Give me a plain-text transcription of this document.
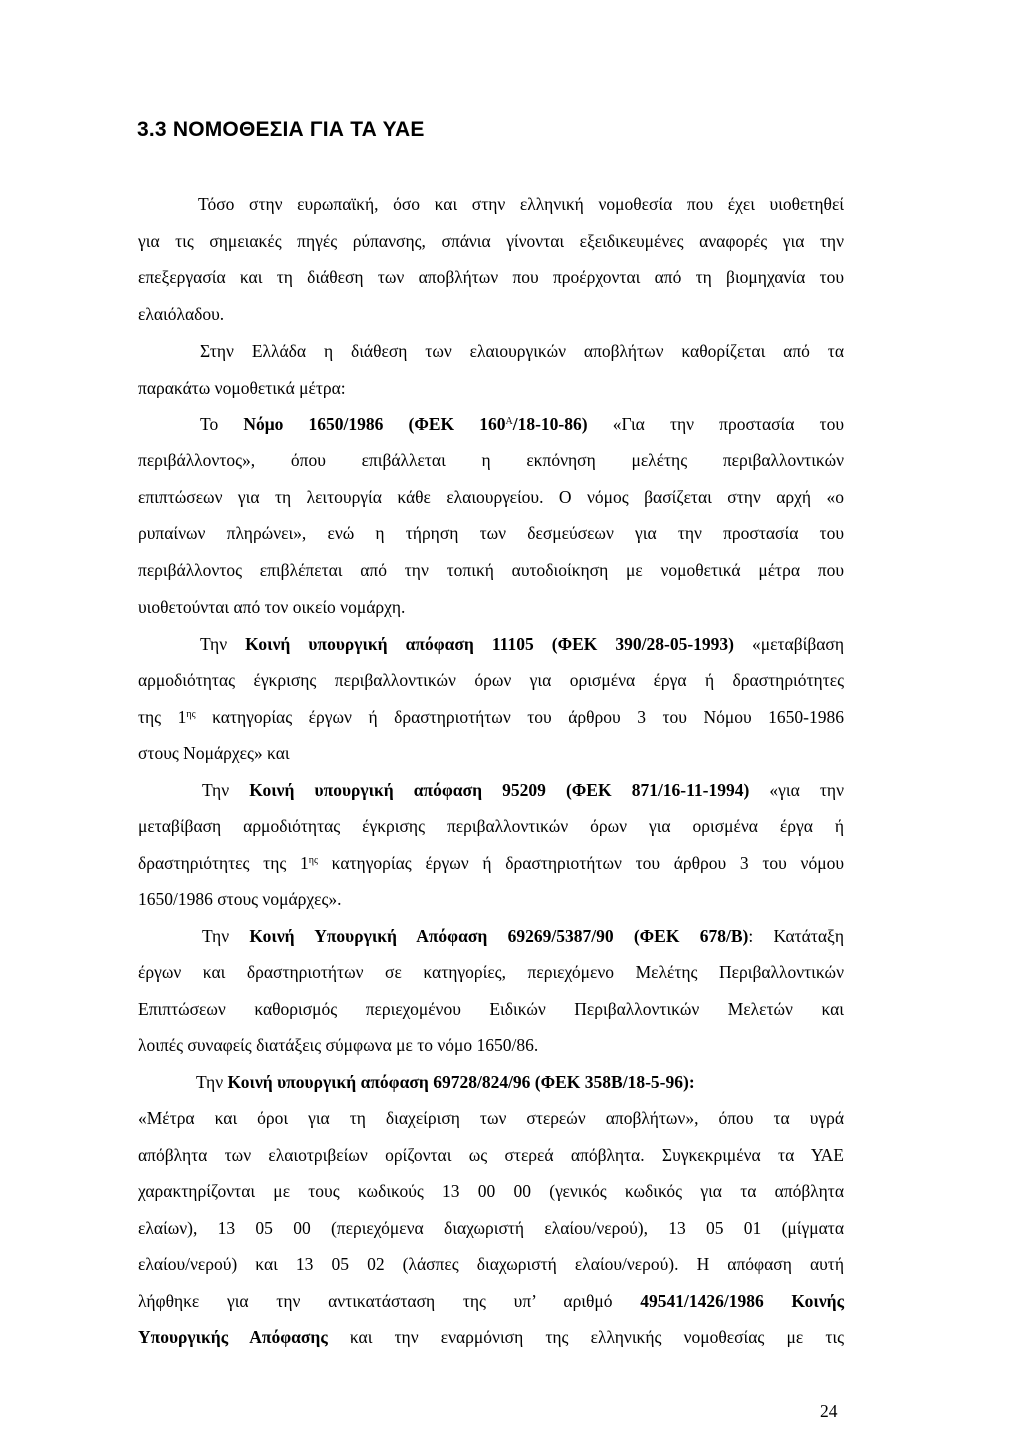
3.3 ΝΟΜΟΘΕΣΙΑ ΓΙΑ ΤΑ ΥΑΕ
Τόσο στην ευρωπαϊκή, όσο και στην ελληνική νομοθεσία που έχει υιοθετηθεί
για τις σημειακές πηγές ρύπανσης, σπάνια γίνονται εξειδικευμένες αναφορές για την
επεξεργασία και τη διάθεση των αποβλήτων που προέρχονται από τη βιομηχανία του
ελαιόλαδου.
Στην Ελλάδα η διάθεση των ελαιουργικών αποβλήτων καθορίζεται από τα
παρακάτω νομοθετικά μέτρα:
Το Νόμο 1650/1986 (ΦΕΚ $160^A/18-10-86$) «Για την προστασία του
περιβάλλοντος», όπου επιβάλλεται η εκπόνηση μελέτης περιβαλλοντικών
επιπτώσεων για τη λειτουργία κάθε ελαιουργείου. Ο νόμος βασίζεται στην αρχή «ο
ρυπαίνων πληρώνει», ενώ η τήρηση των δεσμεύσεων για την προστασία του
περιβάλλοντος επιβλέπεται από την τοπική αυτοδιοίκηση με νομοθετικά μέτρα που
υιοθετούνται από τον οικείο νομάρχη.
Την Κοινή υπουργική απόφαση 11105 (ΦΕΚ 390/28-05-1993) «μεταβίβαση
αρμοδιότητας έγκρισης περιβαλλοντικών όρων για ορισμένα έργα ή δραστηριότητες
της $1^{\eta\varsigma}$ κατηγορίας έργων ή δραστηριοτήτων του άρθρου 3 του Νόμου 1650-1986
στους Νομάρχες» και
Την Κοινή υπουργική απόφαση 95209 (ΦΕΚ 871/16-11-1994) «για την
μεταβίβαση αρμοδιότητας έγκρισης περιβαλλοντικών όρων για ορισμένα έργα ή
δραστηριότητες της $1^{\eta\varsigma}$ κατηγορίας έργων ή δραστηριοτήτων του άρθρου 3 του νόμου
1650/1986 στους νομάρχες».
Την Κοινή Υπουργική Απόφαση 69269/5387/90 (ΦΕΚ 678/Β): Κατάταξη
έργων και δραστηριοτήτων σε κατηγορίες, περιεχόμενο Μελέτης Περιβαλλοντικών
Επιπτώσεων καθορισμός περιεχομένου Ειδικών Περιβαλλοντικών Μελετών και
λοιπές συναφείς διατάξεις σύμφωνα με το νόμο 1650/86.
Την Κοινή υπουργική απόφαση 69728/824/96 (ΦΕΚ 358Β/18-5-96):
«Μέτρα και όροι για τη διαχείριση των στερεών αποβλήτων», όπου τα υγρά
απόβλητα των ελαιοτριβείων ορίζονται ως στερεά απόβλητα. Συγκεκριμένα τα ΥΑΕ
χαρακτηρίζονται με τους κωδικούς 13 00 00 (γενικός κωδικός για τα απόβλητα
ελαίων), 13 05 00 (περιεχόμενα διαχωριστή ελαίου/νερού), 13 05 01 (μίγματα
ελαίου/νερού) και 13 05 02 (λάσπες διαχωριστή ελαίου/νερού). Η απόφαση αυτή
λήφθηκε για την αντικατάσταση της υπ’ αριθμό 49541/1426/1986 Κοινής
Υπουργικής Απόφασης και την εναρμόνιση της ελληνικής νομοθεσίας με τις
24
